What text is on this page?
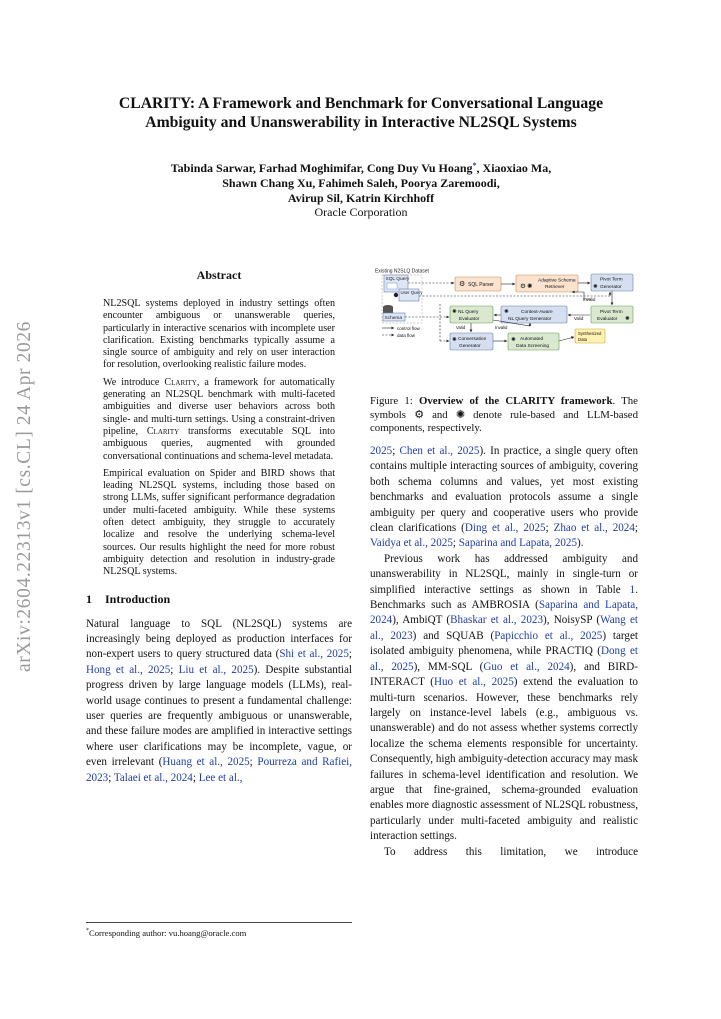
arXiv:2604.22313v1 [cs.CL] 24 Apr 2026
CLARITY: A Framework and Benchmark for Conversational Language
Ambiguity and Unanswerability in Interactive NL2SQL Systems
Tabinda Sarwar, Farhad Moghimifar, Cong Duy Vu Hoang*, Xiaoxiao Ma,
Shawn Chang Xu, Fahimeh Saleh, Poorya Zaremoodi,
Avirup Sil, Katrin Kirchhoff
Oracle Corporation
Abstract

NL2SQL systems deployed in industry settings often encounter ambiguous or unanswerable queries, particularly in interactive scenarios with incomplete user clarification. Existing benchmarks typically assume a single source of ambiguity and rely on user interaction for resolution, overlooking realistic failure modes.

We introduce Clarity, a framework for automatically generating an NL2SQL benchmark with multi-faceted ambiguities and diverse user behaviors across both single- and multi-turn settings. Using a constraint-driven pipeline, Clarity transforms executable SQL into ambiguous queries, augmented with grounded conversational continuations and schema-level metadata.

Empirical evaluation on Spider and BIRD shows that leading NL2SQL systems, including those based on strong LLMs, suffer significant performance degradation under multi-faceted ambiguity. While these systems often detect ambiguity, they struggle to accurately localize and resolve the underlying schema-level sources. Our results highlight the need for more robust ambiguity detection and resolution in industry-grade NL2SQL systems.

1 Introduction
Natural language to SQL (NL2SQL) systems are increasingly being deployed as production interfaces for non-expert users to query structured data (Shi et al., 2025; Hong et al., 2025; Liu et al., 2025). Despite substantial progress driven by large language models (LLMs), real-world usage continues to present a fundamental challenge: user queries are frequently ambiguous or unanswerable, and these failure modes are amplified in interactive settings where user clarifications may be incomplete, vague, or even irrelevant (Huang et al., 2025; Pourreza and Rafiei, 2023; Talaei et al., 2024; Lee et al.,
*Corresponding author: vu.hoang@oracle.com
Existing N2SLQ Dataset
SQL Query
User Query
Schema
⚙ SQL Parser	⚙ ✺
Adaptive Schema
Retriever
Pivot Term
✺ Generator
Invalid
✺ NL Query
Evaluator
✺	Context-Aware
NL Query Generator	Valid
Pivot Term
Evaluator ✺
Valid	Invalid
✺ Conversation
Generator
✺ Automated
Data Screening
Synthesized
Data
control flow
data flow
Figure 1: Overview of the CLARITY framework. The symbols ⚙ and ✺ denote rule-based and LLM-based components, respectively.

2025; Chen et al., 2025). In practice, a single query often contains multiple interacting sources of ambiguity, covering both schema columns and values, yet most existing benchmarks and evaluation protocols assume a single ambiguity per query and cooperative users who provide clean clarifications (Ding et al., 2025; Zhao et al., 2024; Vaidya et al., 2025; Saparina and Lapata, 2025).

Previous work has addressed ambiguity and unanswerability in NL2SQL, mainly in single-turn or simplified interactive settings as shown in Table 1. Benchmarks such as AMBROSIA (Saparina and Lapata, 2024), AmbiQT (Bhaskar et al., 2023), NoisySP (Wang et al., 2023) and SQUAB (Papicchio et al., 2025) target isolated ambiguity phenomena, while PRACTIQ (Dong et al., 2025), MM-SQL (Guo et al., 2024), and BIRD-INTERACT (Huo et al., 2025) extend the evaluation to multi-turn scenarios. However, these benchmarks rely largely on instance-level labels (e.g., ambiguous vs. unanswerable) and do not assess whether systems correctly localize the schema elements responsible for uncertainty. Consequently, high ambiguity-detection accuracy may mask failures in schema-level identification and resolution. We argue that fine-grained, schema-grounded evaluation enables more diagnostic assessment of NL2SQL robustness, particularly under multi-faceted ambiguity and realistic interaction settings.

To address this limitation, we introduce
